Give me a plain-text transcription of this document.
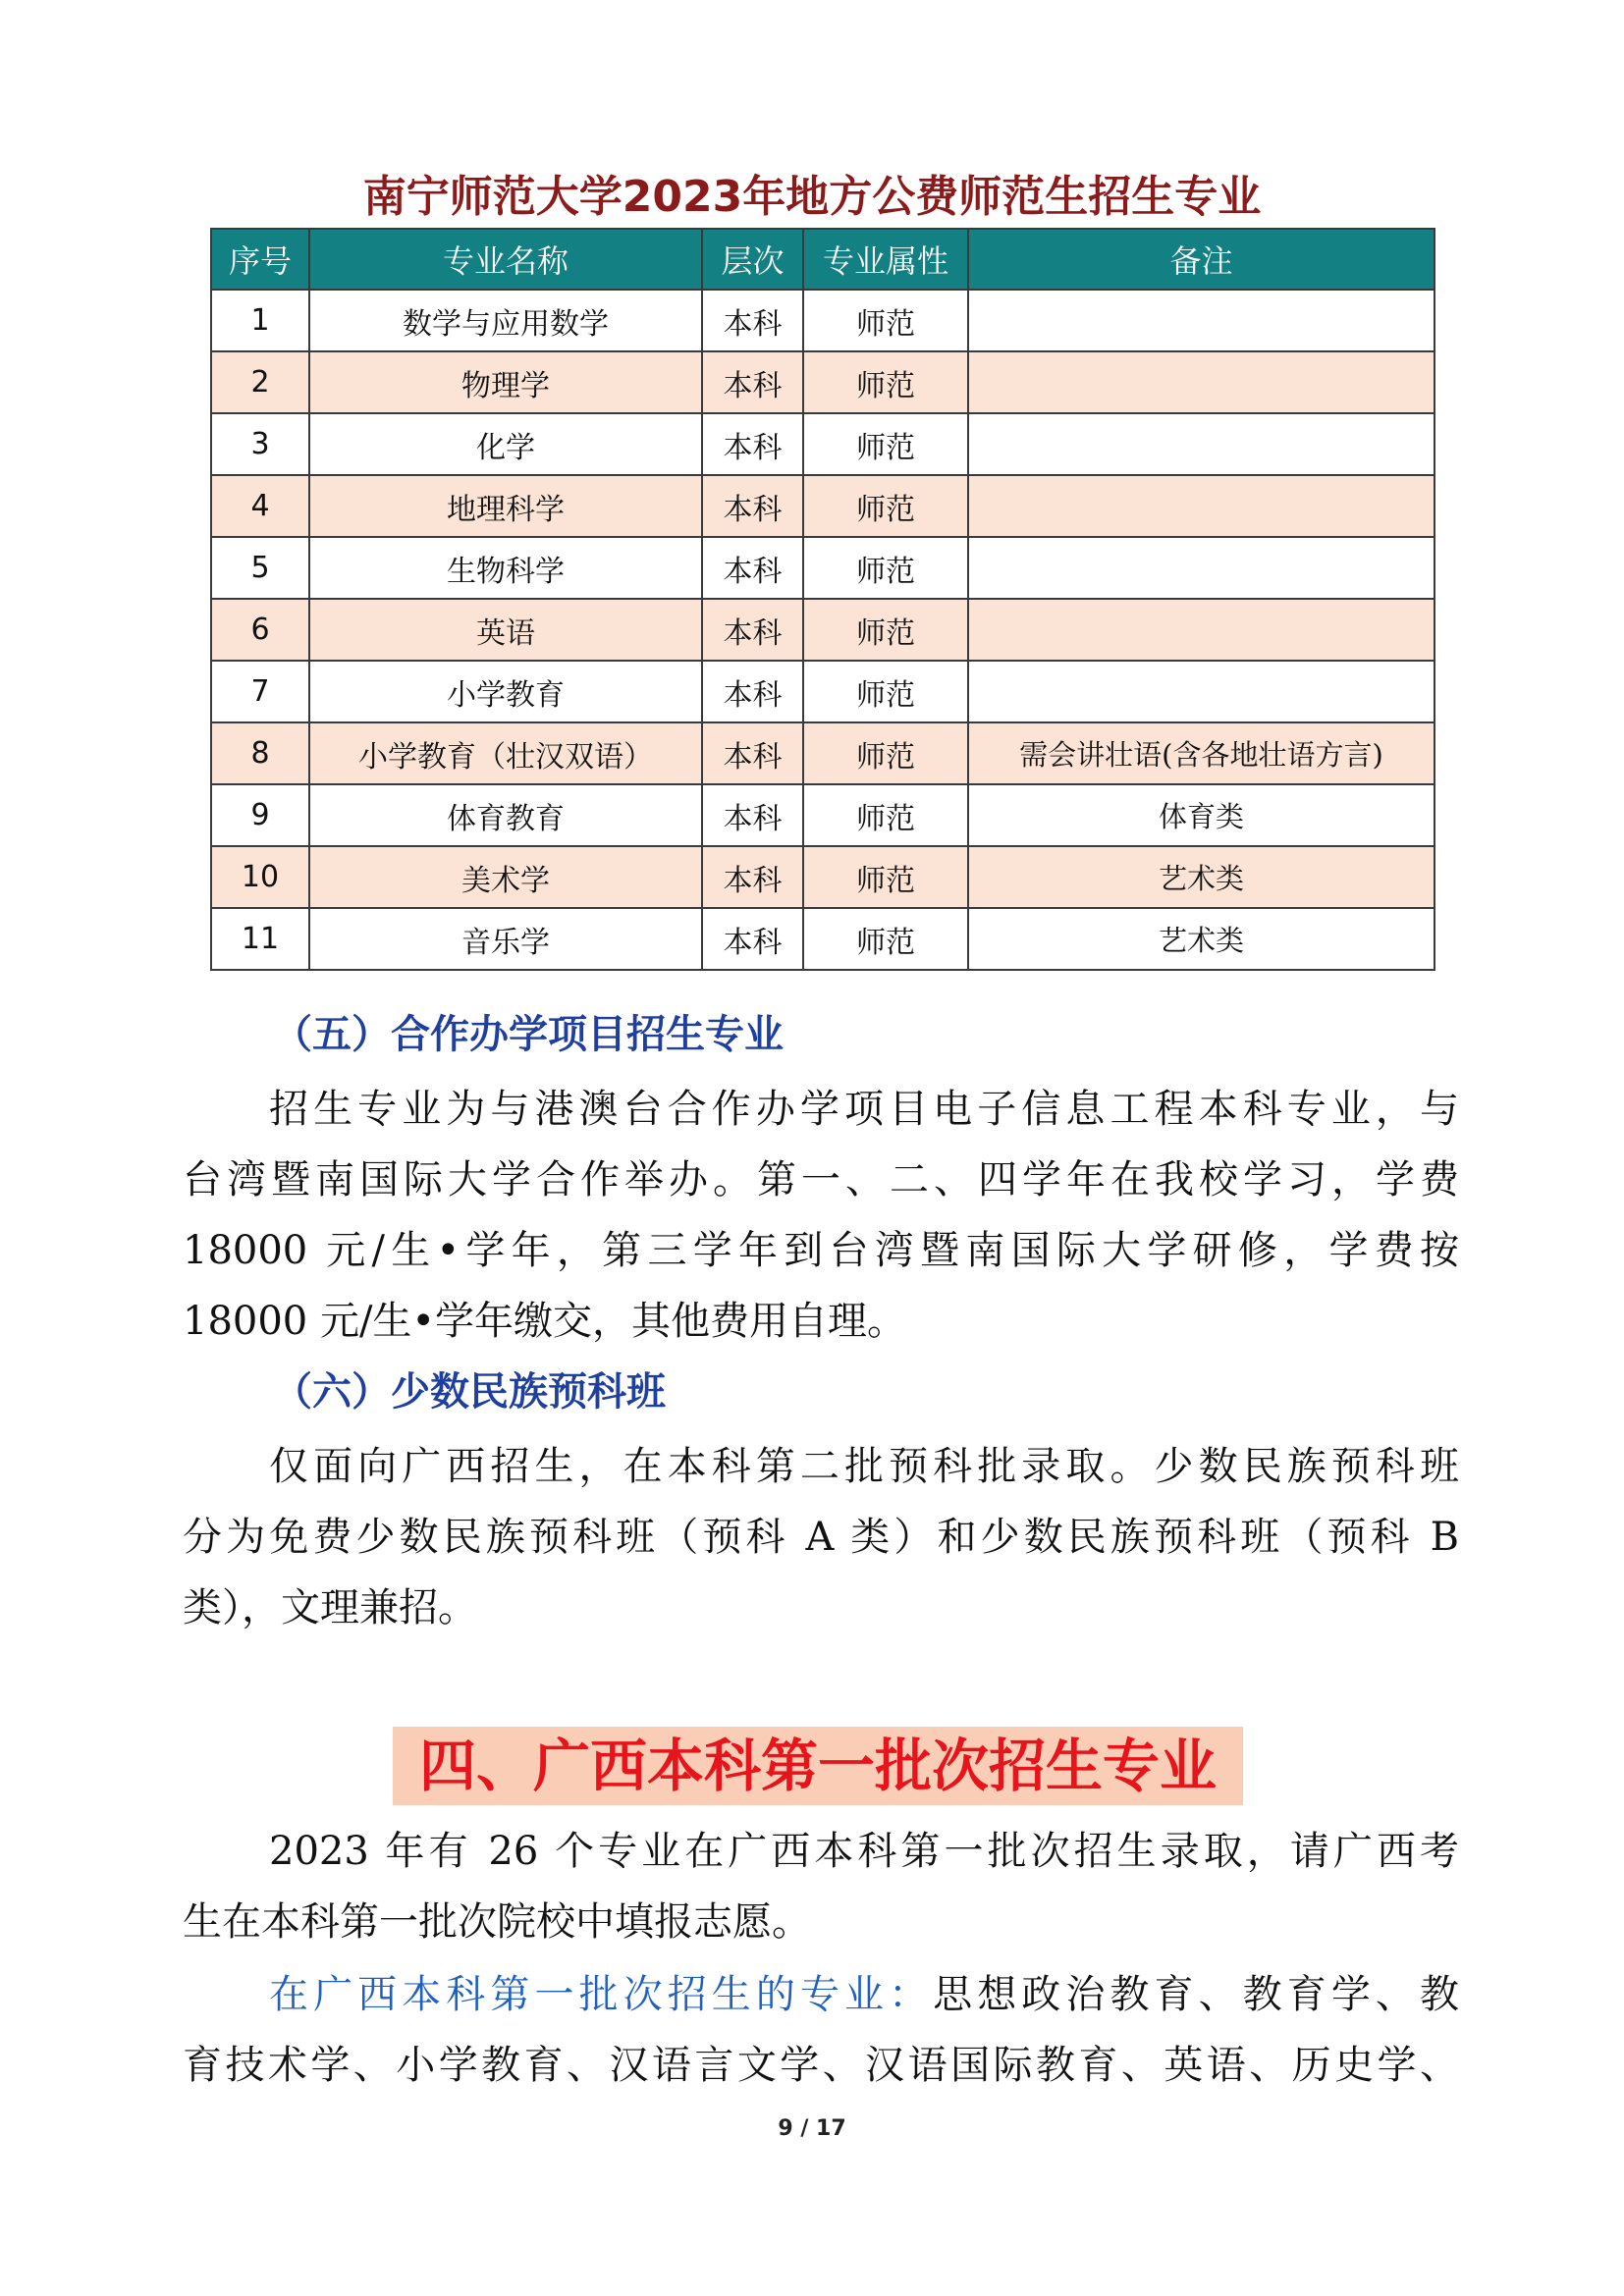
南宁师范大学2023年地方公费师范生招生专业
序号	专业名称	层次	专业属性	备注
1	数学与应用数学	本科	师范	
2	物理学	本科	师范	
3	化学	本科	师范	
4	地理科学	本科	师范	
5	生物科学	本科	师范	
6	英语	本科	师范	
7	小学教育	本科	师范	
8	小学教育（壮汉双语）	本科	师范	需会讲壮语(含各地壮语方言)
9	体育教育	本科	师范	体育类
10	美术学	本科	师范	艺术类
11	音乐学	本科	师范	艺术类
（五）合作办学项目招生专业
招生专业为与港澳台合作办学项目电子信息工程本科专业，与
台湾暨南国际大学合作举办。第一、二、四学年在我校学习，学费
18000 元/生•学年，第三学年到台湾暨南国际大学研修，学费按
18000 元/生•学年缴交，其他费用自理。
（六）少数民族预科班
仅面向广西招生，在本科第二批预科批录取。少数民族预科班
分为免费少数民族预科班（预科 A 类）和少数民族预科班（预科 B
类），文理兼招。
四、广西本科第一批次招生专业
2023 年有 26 个专业在广西本科第一批次招生录取，请广西考
生在本科第一批次院校中填报志愿。
在广西本科第一批次招生的专业：思想政治教育、教育学、教
育技术学、小学教育、汉语言文学、汉语国际教育、英语、历史学、
9 / 17
